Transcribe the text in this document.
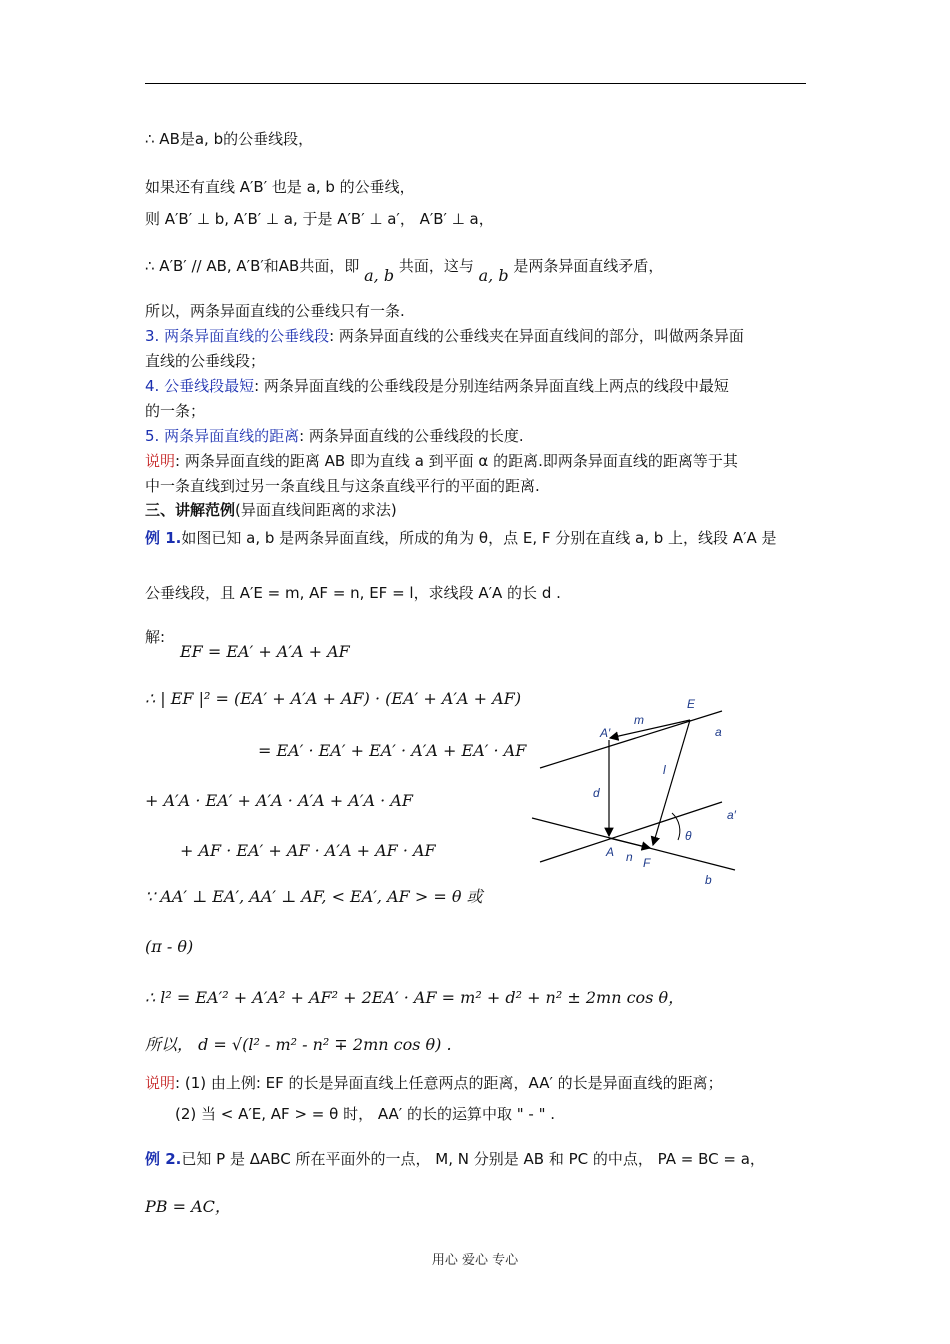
∴ AB是a, b的公垂线段，
如果还有直线 A′B′ 也是 a, b 的公垂线，
则 A′B′ ⊥ b, A′B′ ⊥ a, 于是 A′B′ ⊥ a′， A′B′ ⊥ a，
∴ A′B′ // AB, A′B′和AB共面，即 a, b 共面，这与 a, b 是两条异面直线矛盾，
所以，两条异面直线的公垂线只有一条.
3. 两条异面直线的公垂线段: 两条异面直线的公垂线夹在异面直线间的部分，叫做两条异面
直线的公垂线段；
4. 公垂线段最短: 两条异面直线的公垂线段是分别连结两条异面直线上两点的线段中最短
的一条；
5. 两条异面直线的距离: 两条异面直线的公垂线段的长度.
说明: 两条异面直线的距离 AB 即为直线 a 到平面 α 的距离.即两条异面直线的距离等于其
中一条直线到过另一条直线且与这条直线平行的平面的距离.
三、讲解范例(异面直线间距离的求法)
例 1.如图已知 a, b 是两条异面直线，所成的角为 θ，点 E, F 分别在直线 a, b 上，线段 A′A 是
公垂线段，且 A′E = m, AF = n, EF = l，求线段 A′A 的长 d .
解:
EF = EA′ + A′A + AF
∴ | EF |² = (EA′ + A′A + AF) · (EA′ + A′A + AF)
= EA′ · EA′ + EA′ · A′A + EA′ · AF
+ A′A · EA′ + A′A · A′A + A′A · AF
+ AF · EA′ + AF · A′A + AF · AF
∵ AA′ ⊥ EA′, AA′ ⊥ AF, < EA′, AF > = θ 或
(π - θ)
∴ l² = EA′² + A′A² + AF² + 2EA′ · AF = m² + d² + n² ± 2mn cos θ，
所以， d = √(l² - m² - n² ∓ 2mn cos θ) .
说明: (1) 由上例: EF 的长是异面直线上任意两点的距离，AA′ 的长是异面直线的距离；
(2) 当 < A′E, AF > = θ 时， AA′ 的长的运算中取 " - " .
例 2.已知 P 是 ΔABC 所在平面外的一点， M, N 分别是 AB 和 PC 的中点， PA = BC = a，
PB = AC，
E
A′
m
a
l
d
a′
θ
A n F
b
用心 爱心 专心
